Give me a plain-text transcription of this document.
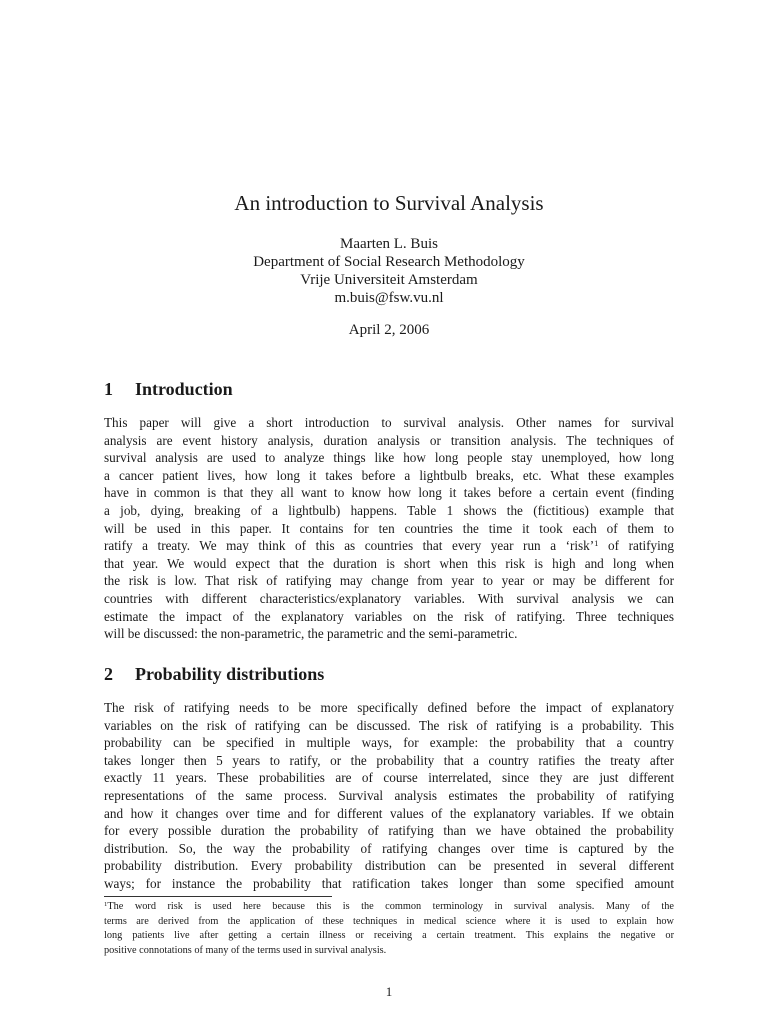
An introduction to Survival Analysis
Maarten L. Buis
Department of Social Research Methodology
Vrije Universiteit Amsterdam
m.buis@fsw.vu.nl
April 2, 2006
1 Introduction
This paper will give a short introduction to survival analysis. Other names for survival
analysis are event history analysis, duration analysis or transition analysis. The techniques of
survival analysis are used to analyze things like how long people stay unemployed, how long
a cancer patient lives, how long it takes before a lightbulb breaks, etc. What these examples
have in common is that they all want to know how long it takes before a certain event (finding
a job, dying, breaking of a lightbulb) happens. Table 1 shows the (fictitious) example that
will be used in this paper. It contains for ten countries the time it took each of them to
ratify a treaty. We may think of this as countries that every year run a ‘risk’$^1$ of ratifying
that year. We would expect that the duration is short when this risk is high and long when
the risk is low. That risk of ratifying may change from year to year or may be different for
countries with different characteristics/explanatory variables. With survival analysis we can
estimate the impact of the explanatory variables on the risk of ratifying. Three techniques
will be discussed: the non-parametric, the parametric and the semi-parametric.
2 Probability distributions
The risk of ratifying needs to be more specifically defined before the impact of explanatory
variables on the risk of ratifying can be discussed. The risk of ratifying is a probability. This
probability can be specified in multiple ways, for example: the probability that a country
takes longer then 5 years to ratify, or the probability that a country ratifies the treaty after
exactly 11 years. These probabilities are of course interrelated, since they are just different
representations of the same process. Survival analysis estimates the probability of ratifying
and how it changes over time and for different values of the explanatory variables. If we obtain
for every possible duration the probability of ratifying than we have obtained the probability
distribution. So, the way the probability of ratifying changes over time is captured by the
probability distribution. Every probability distribution can be presented in several different
ways; for instance the probability that ratification takes longer than some specified amount
$^1$The word risk is used here because this is the common terminology in survival analysis. Many of the
terms are derived from the application of these techniques in medical science where it is used to explain how
long patients live after getting a certain illness or receiving a certain treatment. This explains the negative or
positive connotations of many of the terms used in survival analysis.
1
